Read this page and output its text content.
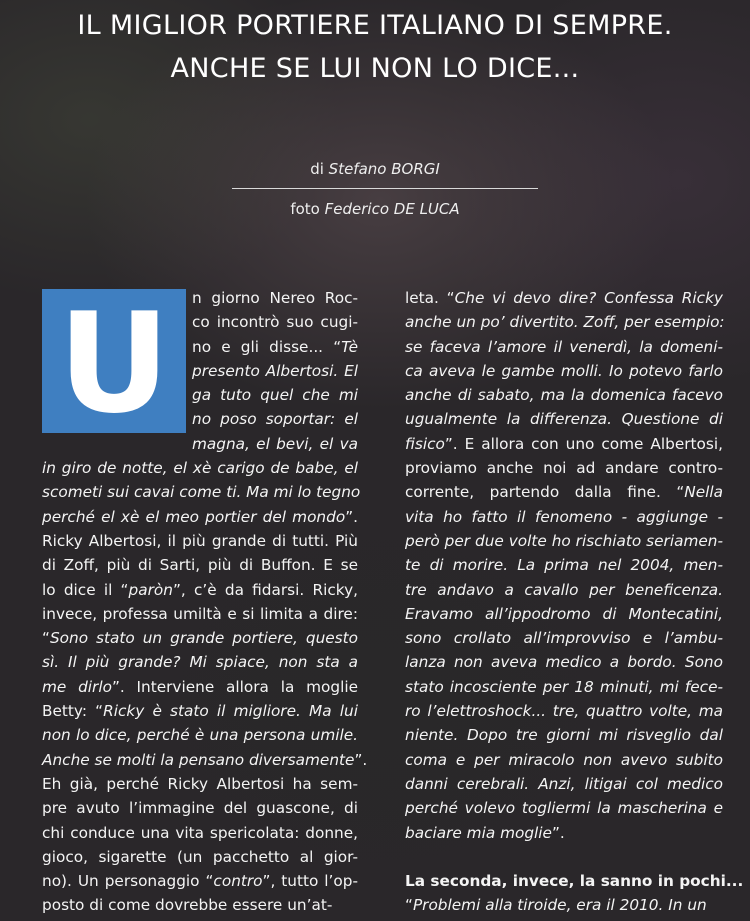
IL MIGLIOR PORTIERE ITALIANO DI SEMPRE.
ANCHE SE LUI NON LO DICE...
di Stefano BORGI
foto Federico DE LUCA
U	n giorno Nereo Roc-
co incontrò suo cugi-
no e gli disse... “Tè
presento Albertosi. El
ga tuto quel che mi
no poso soportar: el
magna, el bevi, el va
in giro de notte, el xè carigo de babe, el
scometi sui cavai come ti. Ma mi lo tegno
perché el xè el meo portier del mondo”.
Ricky Albertosi, il più grande di tutti. Più
di Zoff, più di Sarti, più di Buffon. E se
lo dice il “paròn”, c’è da fidarsi. Ricky,
invece, professa umiltà e si limita a dire:
“Sono stato un grande portiere, questo
sì. Il più grande? Mi spiace, non sta a
me dirlo”. Interviene allora la moglie
Betty: “Ricky è stato il migliore. Ma lui
non lo dice, perché è una persona umile.
Anche se molti la pensano diversamente”.
Eh già, perché Ricky Albertosi ha sem-
pre avuto l’immagine del guascone, di
chi conduce una vita spericolata: donne,
gioco, sigarette (un pacchetto al gior-
no). Un personaggio “contro”, tutto l’op-
posto di come dovrebbe essere un’at-
leta. “Che vi devo dire? Confessa Ricky
anche un po’ divertito. Zoff, per esempio:
se faceva l’amore il venerdì, la domeni-
ca aveva le gambe molli. Io potevo farlo
anche di sabato, ma la domenica facevo
ugualmente la differenza. Questione di
fisico”. E allora con uno come Albertosi,
proviamo anche noi ad andare contro-
corrente, partendo dalla fine. “Nella
vita ho fatto il fenomeno - aggiunge -
però per due volte ho rischiato seriamen-
te di morire. La prima nel 2004, men-
tre andavo a cavallo per beneficenza.
Eravamo all’ippodromo di Montecatini,
sono crollato all’improvviso e l’ambu-
lanza non aveva medico a bordo. Sono
stato incosciente per 18 minuti, mi fece-
ro l’elettroshock... tre, quattro volte, ma
niente. Dopo tre giorni mi risveglio dal
coma e per miracolo non avevo subito
danni cerebrali. Anzi, litigai col medico
perché volevo togliermi la mascherina e
baciare mia moglie”.

La seconda, invece, la sanno in pochi...
“Problemi alla tiroide, era il 2010. In un
